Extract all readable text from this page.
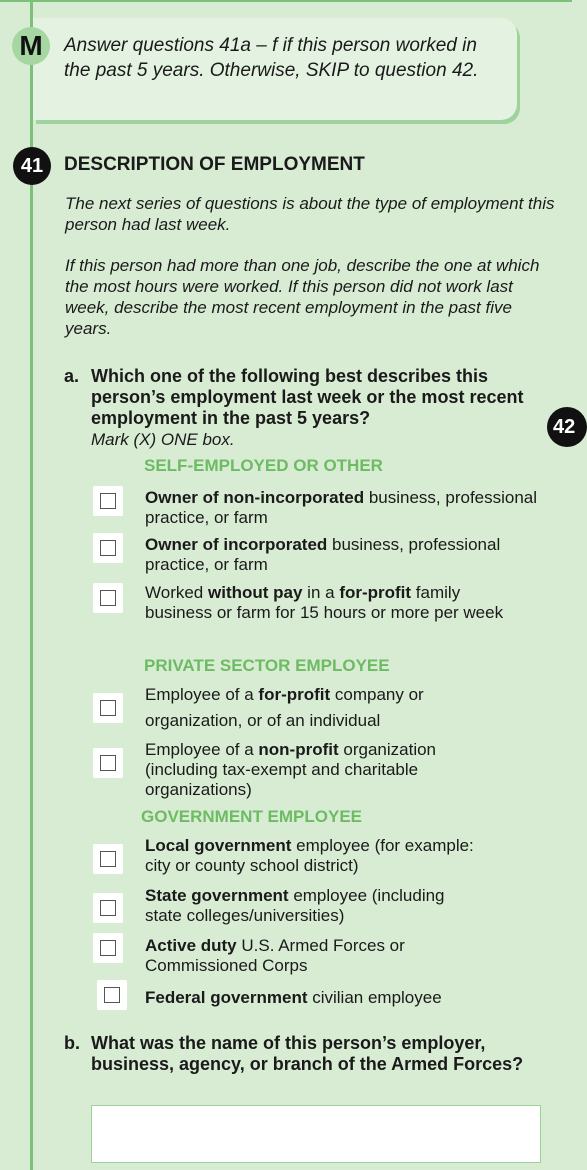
M	Answer questions 41a – f if this person worked in the past 5 years. Otherwise, SKIP to question 42.
41	DESCRIPTION OF EMPLOYMENT
The next series of questions is about the type of employment this person had last week.
If this person had more than one job, describe the one at which the most hours were worked. If this person did not work last week, describe the most recent employment in the past five years.
a. Which one of the following best describes this person’s employment last week or the most recent employment in the past 5 years?
Mark (X) ONE box.
42
SELF-EMPLOYED OR OTHER
Owner of non-incorporated business, professional practice, or farm
Owner of incorporated business, professional practice, or farm
Worked without pay in a for-profit family business or farm for 15 hours or more per week
PRIVATE SECTOR EMPLOYEE
Employee of a for-profit company or organization, or of an individual
Employee of a non-profit organization (including tax-exempt and charitable organizations)
GOVERNMENT EMPLOYEE
Local government employee (for example: city or county school district)
State government employee (including state colleges/universities)
Active duty U.S. Armed Forces or Commissioned Corps
Federal government civilian employee
b. What was the name of this person’s employer, business, agency, or branch of the Armed Forces?
